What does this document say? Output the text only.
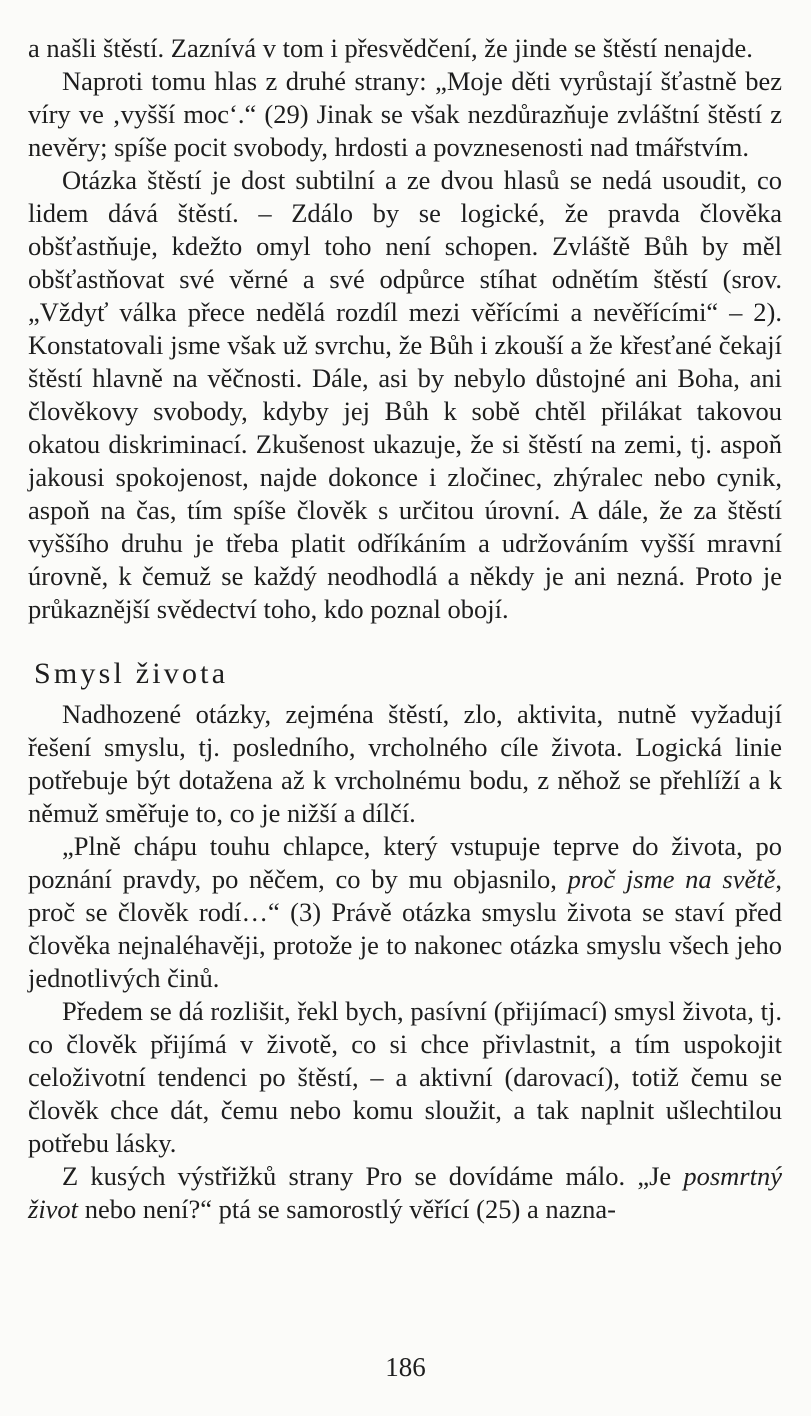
a našli štěstí. Zaznívá v tom i přesvědčení, že jinde se štěstí nenajde.

Naproti tomu hlas z druhé strany: „Moje děti vyrůstají šťastně bez víry ve ‚vyšší moc‘.“ (29) Jinak se však nezdůrazňuje zvláštní štěstí z nevěry; spíše pocit svobody, hrdosti a povznesenosti nad tmářstvím.

Otázka štěstí je dost subtilní a ze dvou hlasů se nedá usoudit, co lidem dává štěstí. – Zdálo by se logické, že pravda člověka obšťastňuje, kdežto omyl toho není schopen. Zvláště Bůh by měl obšťastňovat své věrné a své odpůrce stíhat odnětím štěstí (srov. „Vždyť válka přece nedělá rozdíl mezi věřícími a nevěřícími“ – 2). Konstatovali jsme však už svrchu, že Bůh i zkouší a že křesťané čekají štěstí hlavně na věčnosti. Dále, asi by nebylo důstojné ani Boha, ani člověkovy svobody, kdyby jej Bůh k sobě chtěl přilákat takovou okatou diskriminací. Zkušenost ukazuje, že si štěstí na zemi, tj. aspoň jakousi spokojenost, najde dokonce i zločinec, zhýralec nebo cynik, aspoň na čas, tím spíše člověk s určitou úrovní. A dále, že za štěstí vyššího druhu je třeba platit odříkáním a udržováním vyšší mravní úrovně, k čemuž se každý neodhodlá a někdy je ani nezná. Proto je průkaznější svědectví toho, kdo poznal obojí.

Smysl života

Nadhozené otázky, zejména štěstí, zlo, aktivita, nutně vyžadují řešení smyslu, tj. posledního, vrcholného cíle života. Logická linie potřebuje být dotažena až k vrcholnému bodu, z něhož se přehlíží a k němuž směřuje to, co je nižší a dílčí.

„Plně chápu touhu chlapce, který vstupuje teprve do života, po poznání pravdy, po něčem, co by mu objasnilo, proč jsme na světě, proč se člověk rodí…“ (3) Právě otázka smyslu života se staví před člověka nejnaléhavěji, protože je to nakonec otázka smyslu všech jeho jednotlivých činů.

Předem se dá rozlišit, řekl bych, pasívní (přijímací) smysl života, tj. co člověk přijímá v životě, co si chce přivlastnit, a tím uspokojit celoživotní tendenci po štěstí, – a aktivní (darovací), totiž čemu se člověk chce dát, čemu nebo komu sloužit, a tak naplnit ušlechtilou potřebu lásky.

Z kusých výstřižků strany Pro se dovídáme málo. „Je posmrtný život nebo není?“ ptá se samorostlý věřící (25) a nazna-

186
